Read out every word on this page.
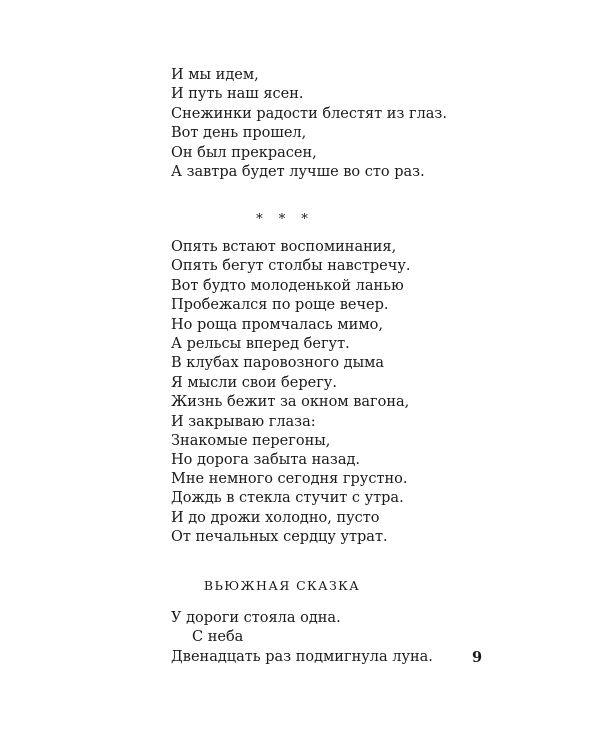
И мы идем,
И путь наш ясен.
Снежинки радости блестят из глаз.
Вот день прошел,
Он был прекрасен,
А завтра будет лучше во сто раз.
* * *
Опять встают воспоминания,
Опять бегут столбы навстречу.
Вот будто молоденькой ланью
Пробежался по роще вечер.
Но роща промчалась мимо,
А рельсы вперед бегут.
В клубах паровозного дыма
Я мысли свои берегу.
Жизнь бежит за окном вагона,
И закрываю глаза:
Знакомые перегоны,
Но дорога забыта назад.
Мне немного сегодня грустно.
Дождь в стекла стучит с утра.
И до дрожи холодно, пусто
От печальных сердцу утрат.
ВЬЮЖНАЯ СКАЗКА
У дороги стояла одна.
С неба
Двенадцать раз подмигнула луна.	9
